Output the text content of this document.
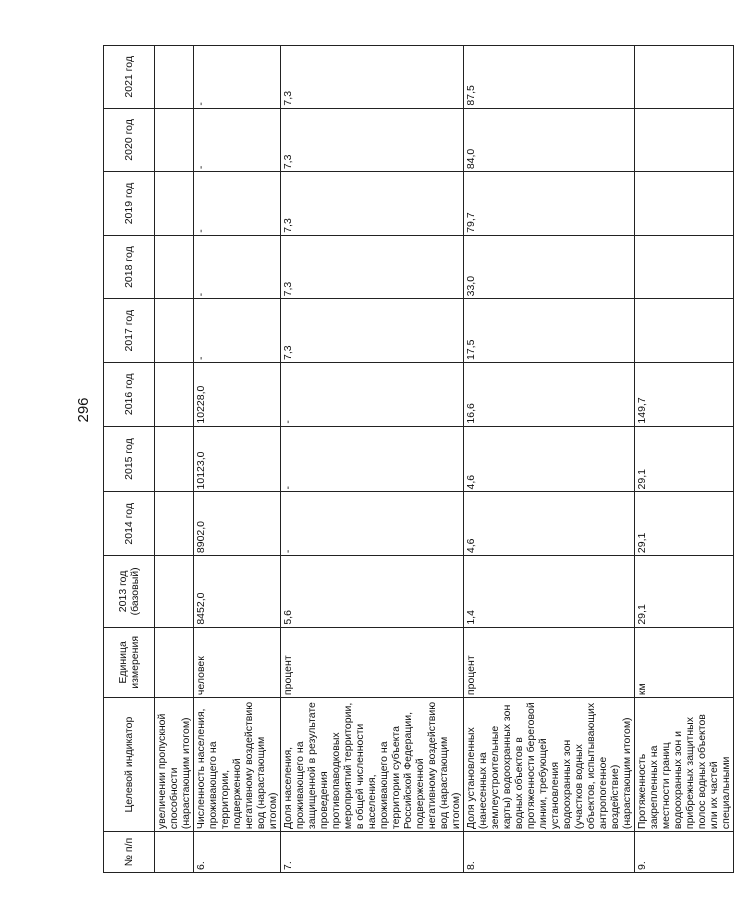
296
№ п/п	Целевой индикатор	Единица измерения	2013 год (базовый)	2014 год	2015 год	2016 год	2017 год	2018 год	2019 год	2020 год	2021 год
	увеличении пропускной способности (нарастающим итогом)										
6.	Численность населения, проживающего на территории, подверженной негативному воздействию вод (нарастающим итогом)	человек	8452,0	8902,0	10123,0	10228,0	-	-	-	-	-
7.	Доля населения, проживающего на защищенной в результате проведения противопаводковых мероприятий территории, в общей численности населения, проживающего на территории субъекта Российской Федерации, подверженной негативному воздействию вод (нарастающим итогом)	процент	5,6	-	-	-	7,3	7,3	7,3	7,3	7,3
8.	Доля установленных (нанесенных на землеустроительные карты) водоохранных зон водных объектов в протяженности береговой линии, требующей установления водоохранных зон (участков водных объектов, испытывающих антропогенное воздействие) (нарастающим итогом)	процент	1,4	4,6	4,6	16,6	17,5	33,0	79,7	84,0	87,5
9.	Протяженность закрепленных на местности границ водоохранных зон и прибрежных защитных полос водных объектов или их частей специальными	км	29,1	29,1	29,1	149,7					
